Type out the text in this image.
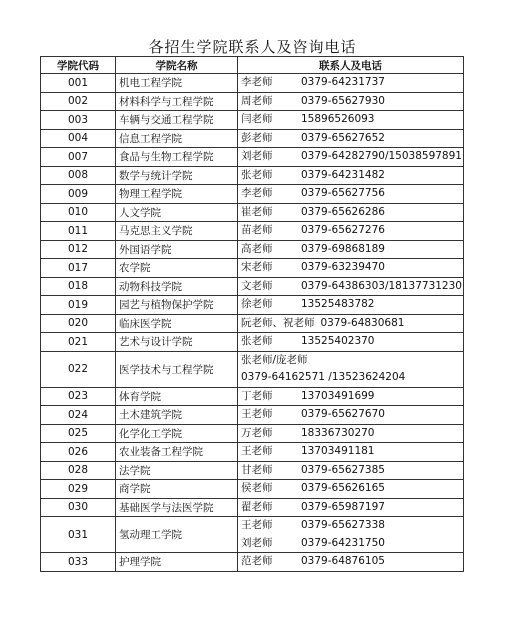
各招生学院联系人及咨询电话
学院代码	学院名称	联系人及电话
001	机电工程学院	李老师 0379-64231737

002	材料科学与工程学院	周老师 0379-65627930

003	车辆与交通工程学院	闫老师 15896526093

004	信息工程学院	彭老师 0379-65627652

007	食品与生物工程学院	刘老师 0379-64282790/15038597891

008	数学与统计学院	张老师 0379-64231482

009	物理工程学院	李老师 0379-65627756

010	人文学院	崔老师 0379-65626286

011	马克思主义学院	苗老师 0379-65627276

012	外国语学院	高老师 0379-69868189

017	农学院	宋老师 0379-63239470

018	动物科技学院	文老师 0379-64386303/18137731230

019	园艺与植物保护学院	徐老师 13525483782

020	临床医学院	阮老师、祝老师 0379-64830681

021	艺术与设计学院	张老师 13525402370

022	医学技术与工程学院	张老师/庞老师
0379-64162571 /13523624204

023	体育学院	丁老师 13703491699

024	土木建筑学院	王老师 0379-65627670

025	化学化工学院	万老师 18336730270

026	农业装备工程学院	王老师 13703491181

028	法学院	甘老师 0379-65627385

029	商学院	侯老师 0379-65626165

030	基础医学与法医学院	翟老师 0379-65987197

031	氢动理工学院	王老师 0379-65627338
刘老师 0379-64231750

033	护理学院	范老师 0379-64876105
